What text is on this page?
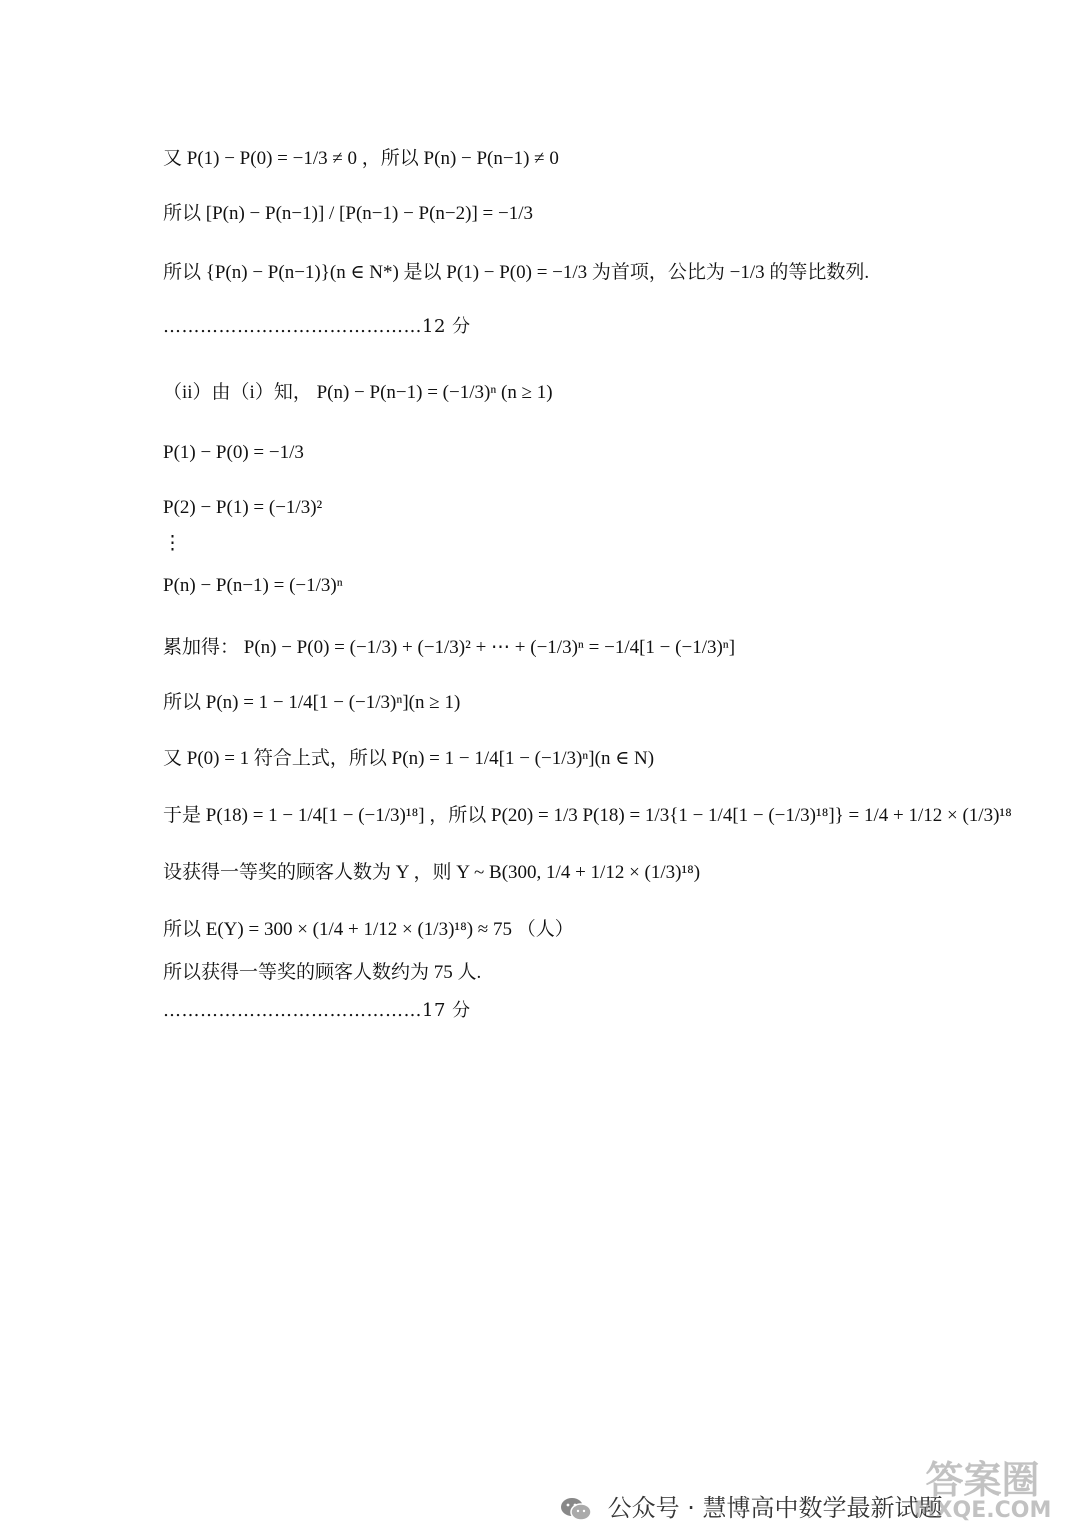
又 P(1) − P(0) = −1/3 ≠ 0 ，所以 P(n) − P(n−1) ≠ 0
所以 [P(n) − P(n−1)] / [P(n−1) − P(n−2)] = −1/3
所以 {P(n) − P(n−1)}(n ∈ N*) 是以 P(1) − P(0) = −1/3 为首项，公比为 −1/3 的等比数列.
……………………………………12 分
（ii）由（i）知， P(n) − P(n−1) = (−1/3)ⁿ (n ≥ 1)
P(1) − P(0) = −1/3
P(2) − P(1) = (−1/3)²
⋮
P(n) − P(n−1) = (−1/3)ⁿ
累加得： P(n) − P(0) = (−1/3) + (−1/3)² + ⋯ + (−1/3)ⁿ = −1/4[1 − (−1/3)ⁿ]
所以 P(n) = 1 − 1/4[1 − (−1/3)ⁿ](n ≥ 1)
又 P(0) = 1 符合上式，所以 P(n) = 1 − 1/4[1 − (−1/3)ⁿ](n ∈ N)
于是 P(18) = 1 − 1/4[1 − (−1/3)¹⁸] ，所以 P(20) = 1/3 P(18) = 1/3{1 − 1/4[1 − (−1/3)¹⁸]} = 1/4 + 1/12 × (1/3)¹⁸
设获得一等奖的顾客人数为 Y ，则 Y ~ B(300, 1/4 + 1/12 × (1/3)¹⁸)
所以 E(Y) = 300 × (1/4 + 1/12 × (1/3)¹⁸) ≈ 75 （人）
所以获得一等奖的顾客人数约为 75 人.
……………………………………17 分
公众号 · 慧博高中数学最新试题
答案圈
MXQE.COM
